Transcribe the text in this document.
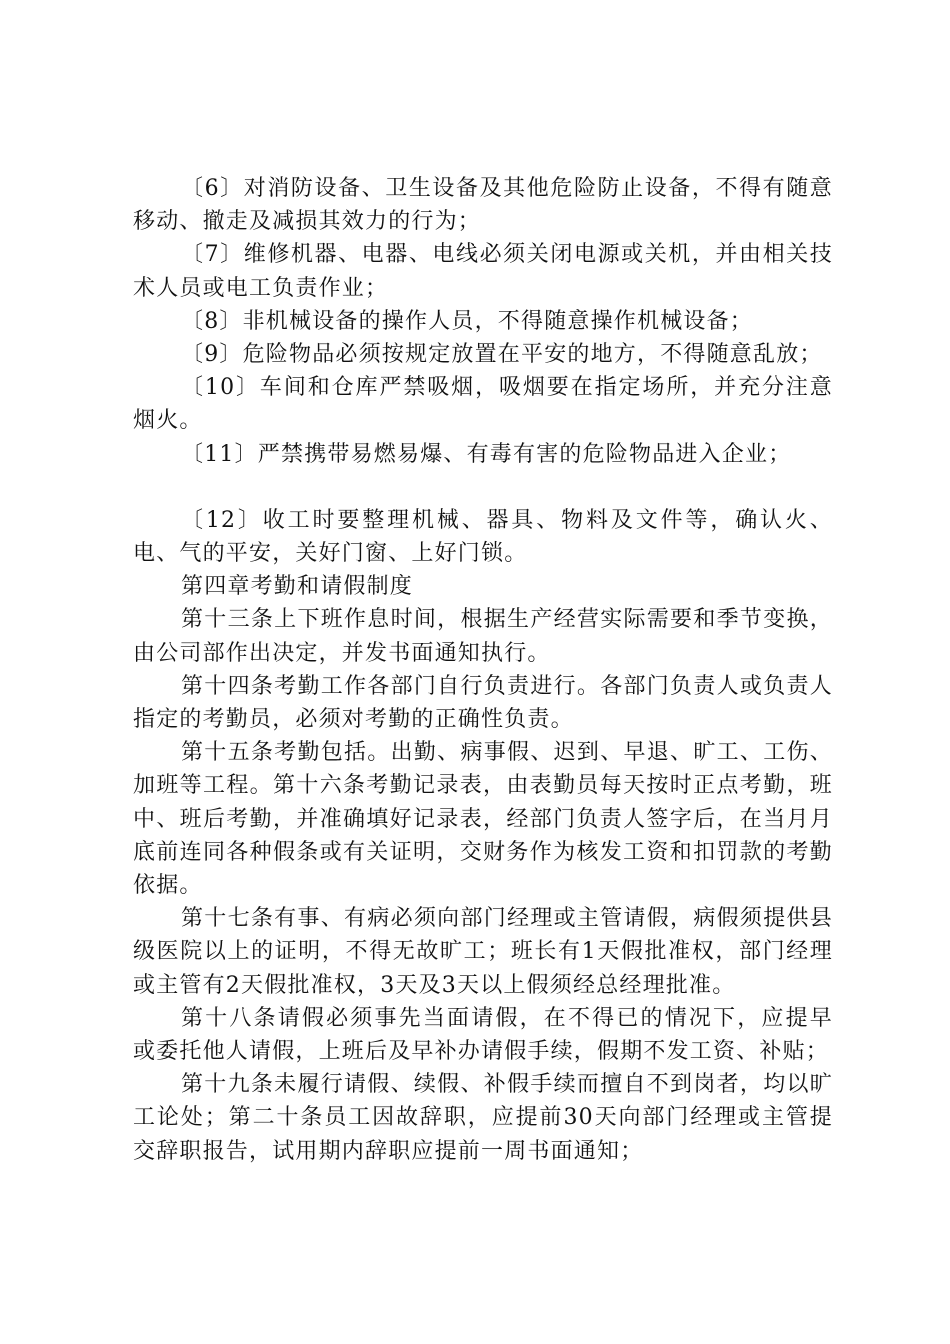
〔6〕对消防设备、卫生设备及其他危险防止设备，不得有随意移动、撤走及减损其效力的行为；

〔7〕维修机器、电器、电线必须关闭电源或关机，并由相关技术人员或电工负责作业；

〔8〕非机械设备的操作人员，不得随意操作机械设备；

〔9〕危险物品必须按规定放置在平安的地方，不得随意乱放；

〔10〕车间和仓库严禁吸烟，吸烟要在指定场所，并充分注意烟火。

〔11〕严禁携带易燃易爆、有毒有害的危险物品进入企业；

〔12〕收工时要整理机械、器具、物料及文件等，确认火、电、气的平安，关好门窗、上好门锁。

第四章考勤和请假制度

第十三条上下班作息时间，根据生产经营实际需要和季节变换，由公司部作出决定，并发书面通知执行。

第十四条考勤工作各部门自行负责进行。各部门负责人或负责人指定的考勤员，必须对考勤的正确性负责。

第十五条考勤包括。出勤、病事假、迟到、早退、旷工、工伤、加班等工程。第十六条考勤记录表，由表勤员每天按时正点考勤，班中、班后考勤，并准确填好记录表，经部门负责人签字后，在当月月底前连同各种假条或有关证明，交财务作为核发工资和扣罚款的考勤依据。

第十七条有事、有病必须向部门经理或主管请假，病假须提供县级医院以上的证明，不得无故旷工；班长有1天假批准权，部门经理或主管有2天假批准权，3天及3天以上假须经总经理批准。

第十八条请假必须事先当面请假，在不得已的情况下，应提早 或委托他人请假，上班后及早补办请假手续，假期不发工资、补贴；

第十九条未履行请假、续假、补假手续而擅自不到岗者，均以旷工论处；第二十条员工因故辞职，应提前30天向部门经理或主管提交辞职报告，试用期内辞职应提前一周书面通知；
